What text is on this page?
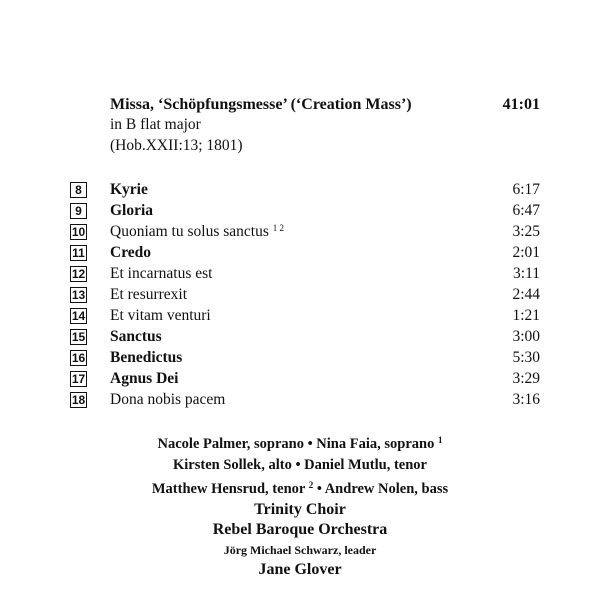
Missa, ‘Schöpfungsmesse’ (‘Creation Mass’)	41:01
in B flat major
(Hob.XXII:13; 1801)
8	Kyrie	6:17
9	Gloria	6:47
10 Quoniam tu solus sanctus $^{1 2}$	3:25
11 Credo	2:01
12 Et incarnatus est	3:11
13 Et resurrexit	2:44
14 Et vitam venturi	1:21
15 Sanctus	3:00
16 Benedictus	5:30
17 Agnus Dei	3:29
18 Dona nobis pacem	3:16
Nacole Palmer, soprano • Nina Faia, soprano $^1$
Kirsten Sollek, alto • Daniel Mutlu, tenor
Matthew Hensrud, tenor $^2$ • Andrew Nolen, bass
Trinity Choir
Rebel Baroque Orchestra
Jörg Michael Schwarz, leader
Jane Glover
